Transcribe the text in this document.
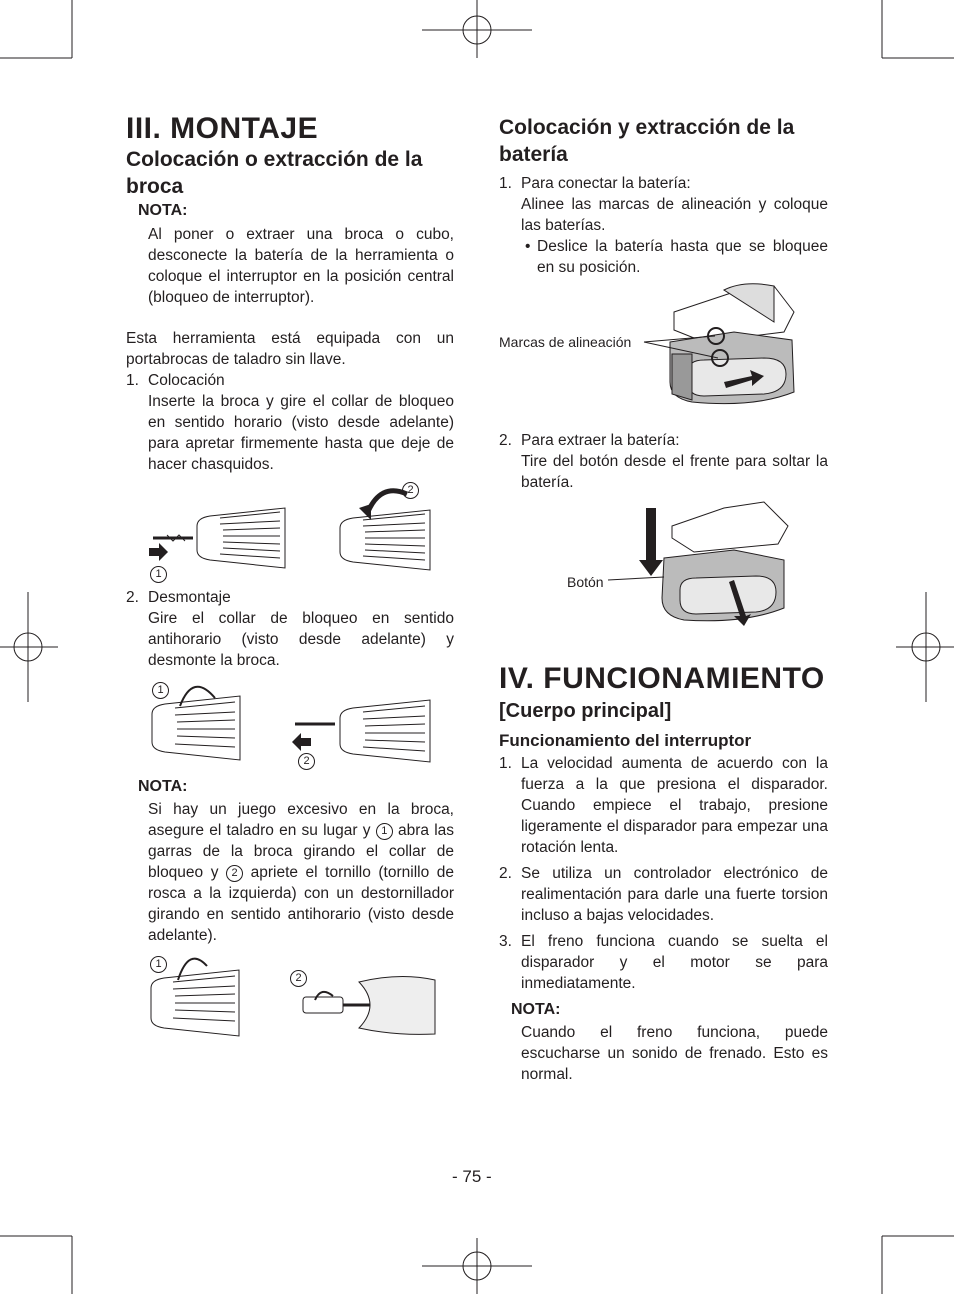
III. MONTAJE
Colocación o extracción de la broca
NOTA:
Al poner o extraer una broca o cubo, desconecte la batería de la herramienta o coloque el interruptor en la posición central (bloqueo de interruptor).
Esta herramienta está equipada con un portabrocas de taladro sin llave.
1. Colocación
Inserte la broca y gire el collar de bloqueo en sentido horario (visto desde adelante) para apretar firmemente hasta que deje de hacer chasquidos.
1
2
2. Desmontaje
Gire el collar de bloqueo en sentido antihorario (visto desde adelante) y desmonte la broca.
1
2
NOTA:
Si hay un juego excesivo en la broca, asegure el taladro en su lugar y 1 abra las garras de la broca girando el collar de bloqueo y 2 apriete el tornillo (tornillo de rosca a la izquierda) con un destornillador girando en sentido antihorario (visto desde adelante).
1
2
Colocación y extracción de la batería
1. Para conectar la batería:
Alinee las marcas de alineación y coloque las baterías.
• Deslice la batería hasta que se bloquee en su posición.
Marcas de alineación
2. Para extraer la batería:
Tire del botón desde el frente para soltar la batería.
Botón
IV. FUNCIONAMIENTO
[Cuerpo principal]
Funcionamiento del interruptor
1. La velocidad aumenta de acuerdo con la fuerza a la que presiona el disparador. Cuando empiece el trabajo, presione ligeramente el disparador para empezar una rotación lenta.
2. Se utiliza un controlador electrónico de realimentación para darle una fuerte torsion incluso a bajas velocidades.
3. El freno funciona cuando se suelta el disparador y el motor se para inmediatamente.
NOTA:
Cuando el freno funciona, puede escucharse un sonido de frenado. Esto es normal.
- 75 -
